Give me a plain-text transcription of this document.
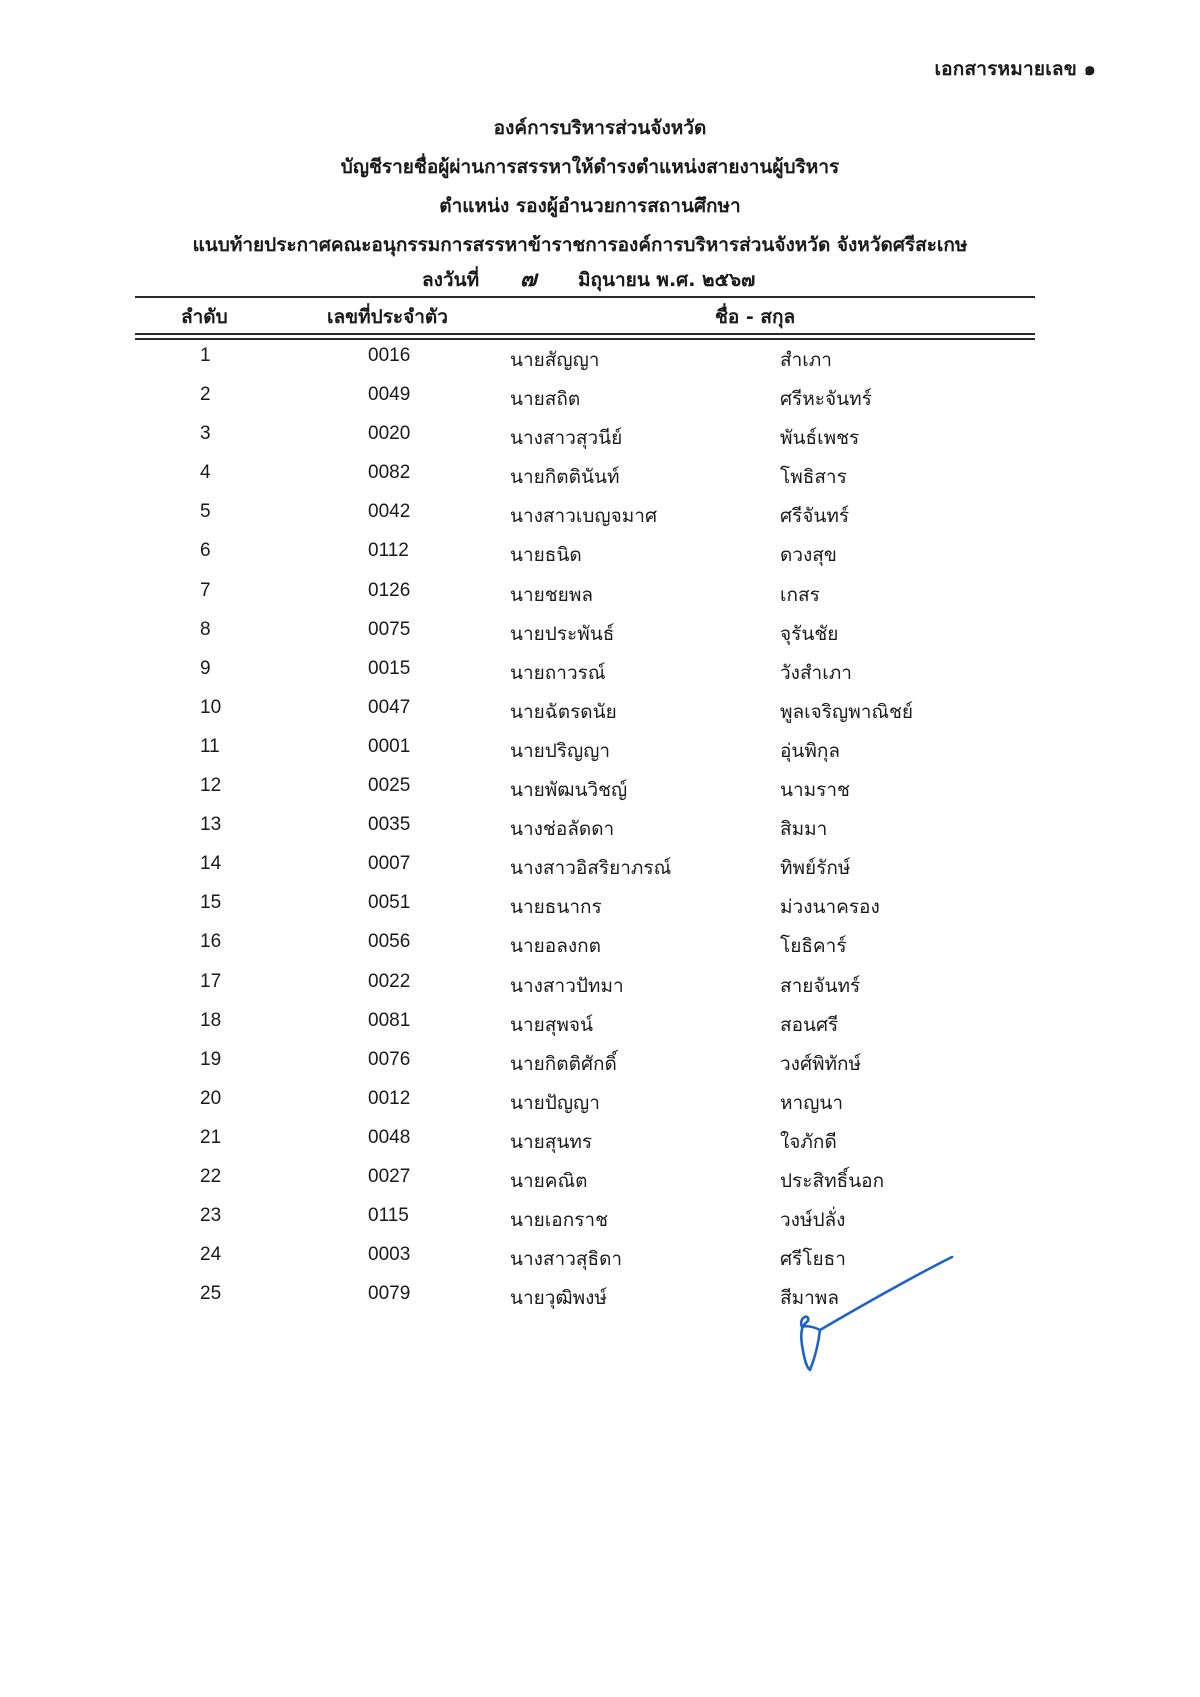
เอกสารหมายเลข ๑
องค์การบริหารส่วนจังหวัด
บัญชีรายชื่อผู้ผ่านการสรรหาให้ดำรงตำแหน่งสายงานผู้บริหาร
ตำแหน่ง รองผู้อำนวยการสถานศึกษา
แนบท้ายประกาศคณะอนุกรรมการสรรหาข้าราชการองค์การบริหารส่วนจังหวัด จังหวัดศรีสะเกษ
ลงวันที่ ๗ มิถุนายน พ.ศ. ๒๕๖๗
ลำดับ	เลขที่ประจำตัว	ชื่อ - สกุล
1	0016	นายสัญญา	สำเภา
2	0049	นายสถิต	ศรีหะจันทร์
3	0020	นางสาวสุวนีย์	พันธ์เพชร
4	0082	นายกิตตินันท์	โพธิสาร
5	0042	นางสาวเบญจมาศ	ศรีจันทร์
6	0112	นายธนิด	ดวงสุข
7	0126	นายชยพล	เกสร
8	0075	นายประพันธ์	จุรันชัย
9	0015	นายถาวรณ์	วังสำเภา
10	0047	นายฉัตรดนัย	พูลเจริญพาณิชย์
11	0001	นายปริญญา	อุ่นพิกุล
12	0025	นายพัฒนวิชญ์	นามราช
13	0035	นางช่อลัดดา	สิมมา
14	0007	นางสาวอิสริยาภรณ์	ทิพย์รักษ์
15	0051	นายธนากร	ม่วงนาครอง
16	0056	นายอลงกต	โยธิคาร์
17	0022	นางสาวปัทมา	สายจันทร์
18	0081	นายสุพจน์	สอนศรี
19	0076	นายกิตติศักดิ์	วงศ์พิทักษ์
20	0012	นายปัญญา	หาญนา
21	0048	นายสุนทร	ใจภักดี
22	0027	นายคณิต	ประสิทธิ์นอก
23	0115	นายเอกราช	วงษ์ปลั่ง
24	0003	นางสาวสุธิดา	ศรีโยธา
25	0079	นายวุฒิพงษ์	สีมาพล
